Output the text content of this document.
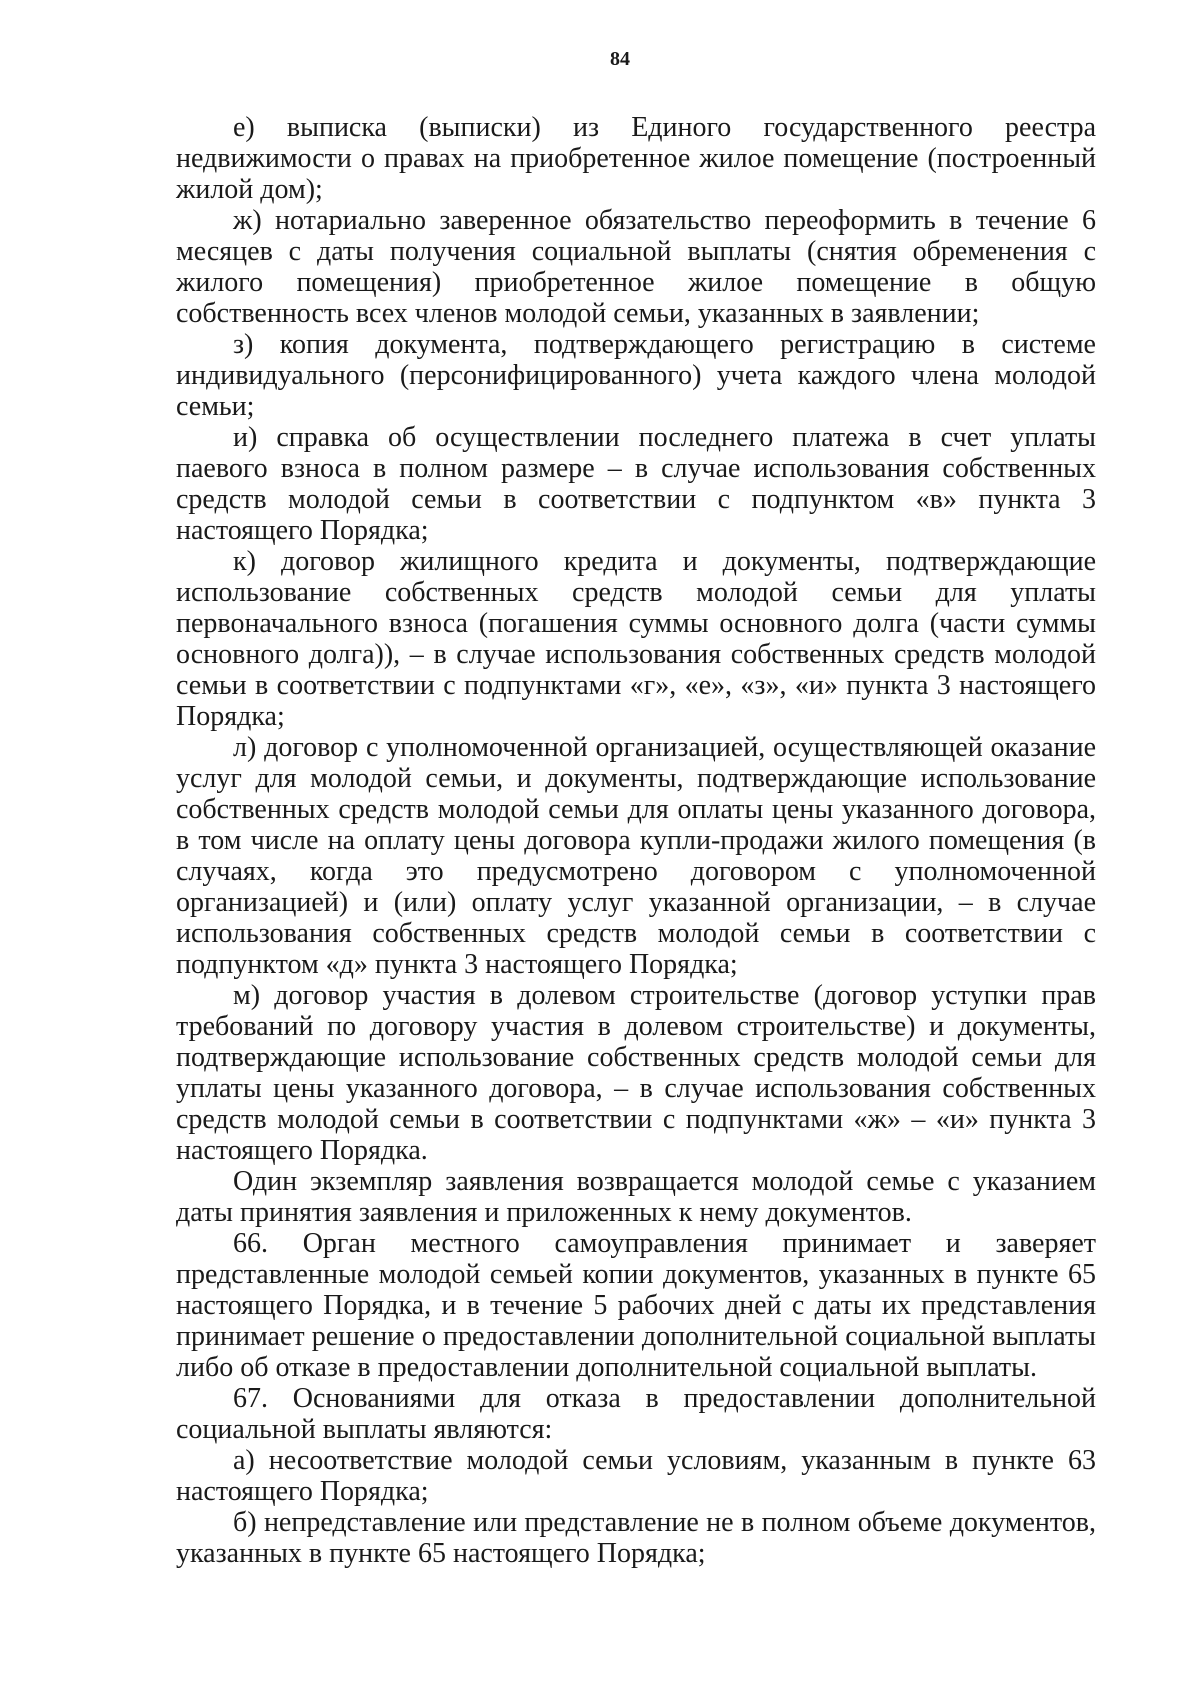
84

е) выписка (выписки) из Единого государственного реестра недвижимости о правах на приобретенное жилое помещение (построенный жилой дом);

ж) нотариально заверенное обязательство переоформить в течение 6 месяцев с даты получения социальной выплаты (снятия обременения с жилого помещения) приобретенное жилое помещение в общую собственность всех членов молодой семьи, указанных в заявлении;

з) копия документа, подтверждающего регистрацию в системе индивидуального (персонифицированного) учета каждого члена молодой семьи;

и) справка об осуществлении последнего платежа в счет уплаты паевого взноса в полном размере – в случае использования собственных средств молодой семьи в соответствии с подпунктом «в» пункта 3 настоящего Порядка;

к) договор жилищного кредита и документы, подтверждающие использование собственных средств молодой семьи для уплаты первоначального взноса (погашения суммы основного долга (части суммы основного долга)), – в случае использования собственных средств молодой семьи в соответствии с подпунктами «г», «е», «з», «и» пункта 3 настоящего Порядка;

л) договор с уполномоченной организацией, осуществляющей оказание услуг для молодой семьи, и документы, подтверждающие использование собственных средств молодой семьи для оплаты цены указанного договора, в том числе на оплату цены договора купли-продажи жилого помещения (в случаях, когда это предусмотрено договором с уполномоченной организацией) и (или) оплату услуг указанной организации, – в случае использования собственных средств молодой семьи в соответствии с подпунктом «д» пункта 3 настоящего Порядка;

м) договор участия в долевом строительстве (договор уступки прав требований по договору участия в долевом строительстве) и документы, подтверждающие использование собственных средств молодой семьи для уплаты цены указанного договора, – в случае использования собственных средств молодой семьи в соответствии с подпунктами «ж» – «и» пункта 3 настоящего Порядка.

Один экземпляр заявления возвращается молодой семье с указанием даты принятия заявления и приложенных к нему документов.

66. Орган местного самоуправления принимает и заверяет представленные молодой семьей копии документов, указанных в пункте 65 настоящего Порядка, и в течение 5 рабочих дней с даты их представления принимает решение о предоставлении дополнительной социальной выплаты либо об отказе в предоставлении дополнительной социальной выплаты.

67. Основаниями для отказа в предоставлении дополнительной социальной выплаты являются:

а) несоответствие молодой семьи условиям, указанным в пункте 63 настоящего Порядка;

б) непредставление или представление не в полном объеме документов, указанных в пункте 65 настоящего Порядка;
